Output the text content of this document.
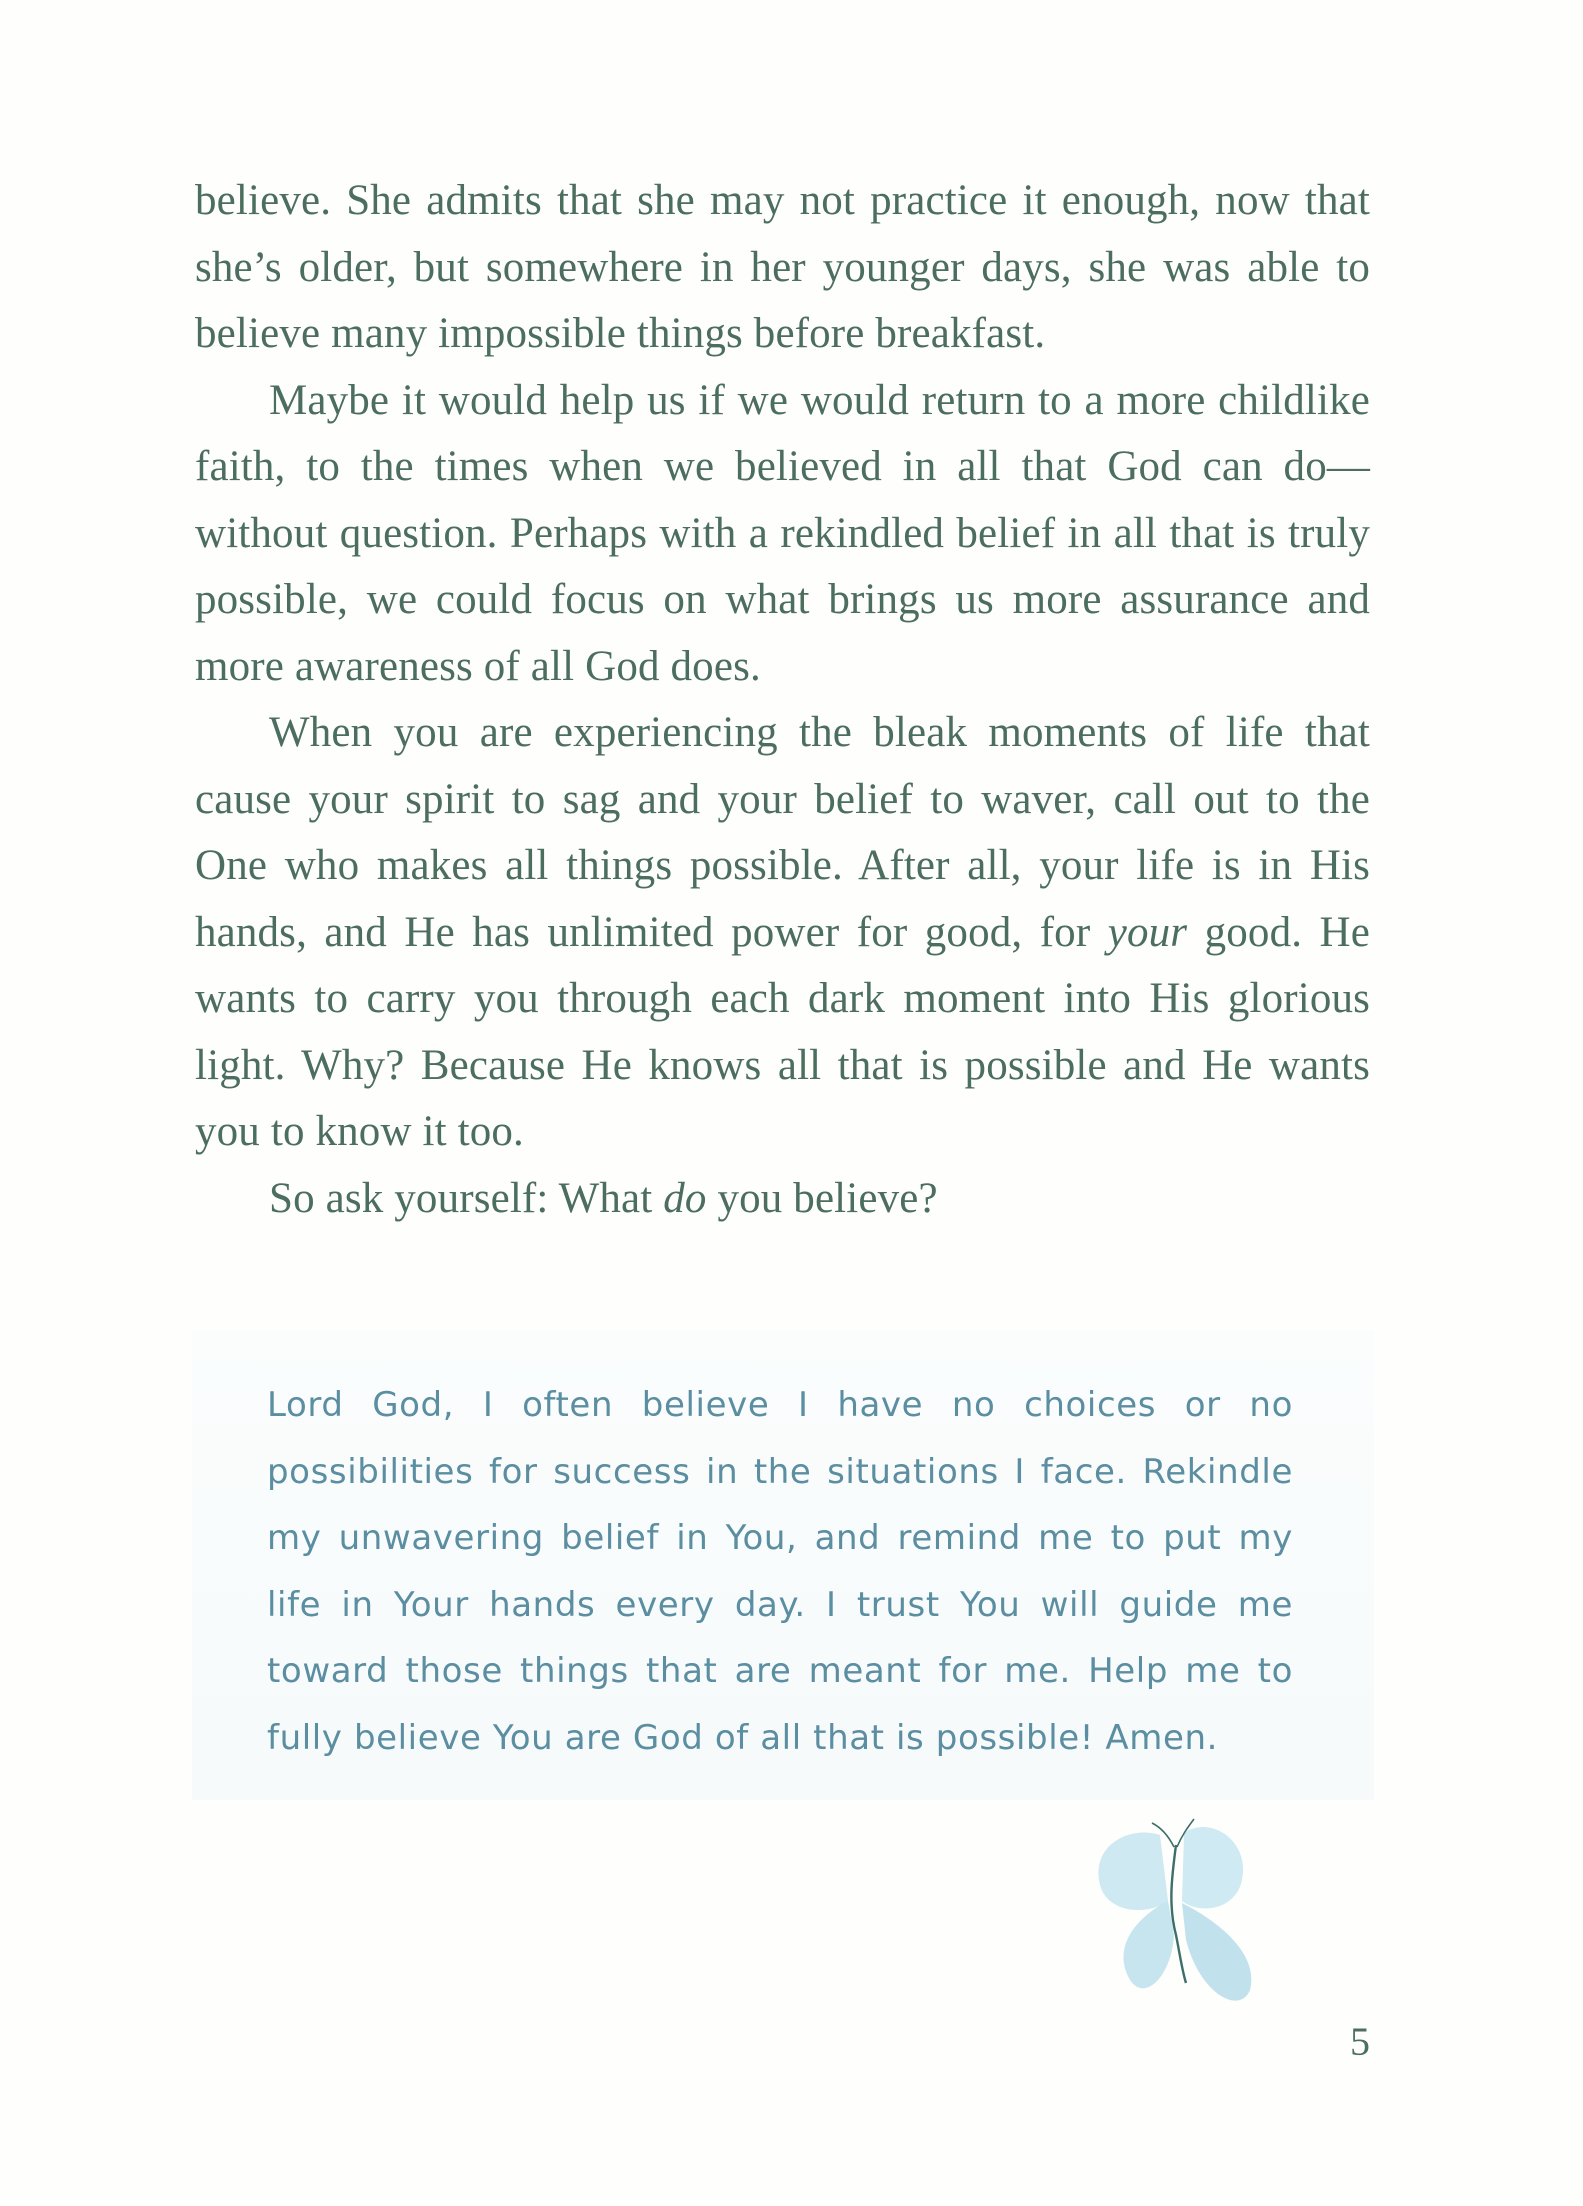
believe. She admits that she may not practice it enough, now that she’s older, but somewhere in her younger days, she was able to believe many impossible things before breakfast.

Maybe it would help us if we would return to a more childlike faith, to the times when we believed in all that God can do— without question. Perhaps with a rekindled belief in all that is truly possible, we could focus on what brings us more assurance and more awareness of all God does.

When you are experiencing the bleak moments of life that cause your spirit to sag and your belief to waver, call out to the One who makes all things possible. After all, your life is in His hands, and He has unlimited power for good, for your good. He wants to carry you through each dark moment into His glorious light. Why? Because He knows all that is possible and He wants you to know it too.

So ask yourself: What do you believe?

Lord God, I often believe I have no choices or no
possibilities for success in the situations I face. Rekindle
my unwavering belief in You, and remind me to put my
life in Your hands every day. I trust You will guide me
toward those things that are meant for me. Help me to
fully believe You are God of all that is possible! Amen.
5
